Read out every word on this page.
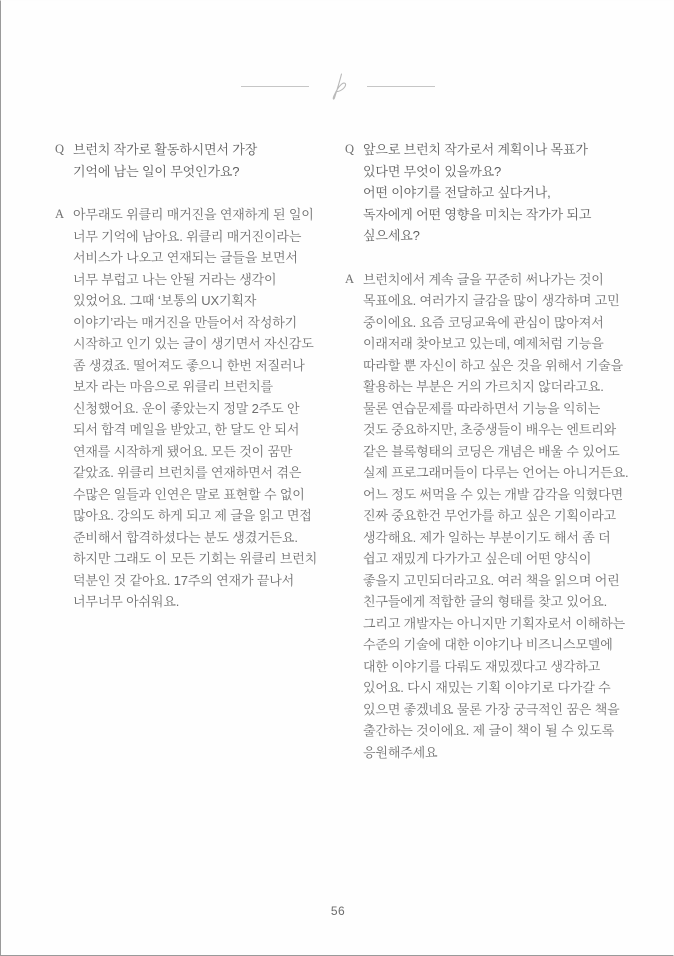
Q 브런치 작가로 활동하시면서 가장
기억에 남는 일이 무엇인가요?
A 아무래도 위클리 매거진을 연재하게 된 일이
너무 기억에 남아요. 위클리 매거진이라는
서비스가 나오고 연재되는 글들을 보면서
너무 부럽고 나는 안될 거라는 생각이
있었어요. 그때 ‘보통의 UX기획자
이야기’라는 매거진을 만들어서 작성하기
시작하고 인기 있는 글이 생기면서 자신감도
좀 생겼죠. 떨어져도 좋으니 한번 저질러나
보자 라는 마음으로 위클리 브런치를
신청했어요. 운이 좋았는지 정말 2주도 안
되서 합격 메일을 받았고, 한 달도 안 되서
연재를 시작하게 됐어요. 모든 것이 꿈만
같았죠. 위클리 브런치를 연재하면서 겪은
수많은 일들과 인연은 말로 표현할 수 없이
많아요. 강의도 하게 되고 제 글을 읽고 면접
준비해서 합격하셨다는 분도 생겼거든요.
하지만 그래도 이 모든 기회는 위클리 브런치
덕분인 것 같아요. 17주의 연재가 끝나서
너무너무 아쉬워요.
Q 앞으로 브런치 작가로서 계획이나 목표가
있다면 무엇이 있을까요?
어떤 이야기를 전달하고 싶다거나,
독자에게 어떤 영향을 미치는 작가가 되고
싶으세요?
A 브런치에서 계속 글을 꾸준히 써나가는 것이
목표에요. 여러가지 글감을 많이 생각하며 고민
중이에요. 요즘 코딩교육에 관심이 많아져서
이래저래 찾아보고 있는데, 예제처럼 기능을
따라할 뿐 자신이 하고 싶은 것을 위해서 기술을
활용하는 부분은 거의 가르치지 않더라고요.
물론 연습문제를 따라하면서 기능을 익히는
것도 중요하지만, 초중생들이 배우는 엔트리와
같은 블록형태의 코딩은 개념은 배울 수 있어도
실제 프로그래머들이 다루는 언어는 아니거든요.
어느 정도 써먹을 수 있는 개발 감각을 익혔다면
진짜 중요한건 무언가를 하고 싶은 기획이라고
생각해요. 제가 일하는 부분이기도 해서 좀 더
쉽고 재밌게 다가가고 싶은데 어떤 양식이
좋을지 고민되더라고요. 여러 책을 읽으며 어린
친구들에게 적합한 글의 형태를 찾고 있어요.
그리고 개발자는 아니지만 기획자로서 이해하는
수준의 기술에 대한 이야기나 비즈니스모델에
대한 이야기를 다뤄도 재밌겠다고 생각하고
있어요. 다시 재밌는 기획 이야기로 다가갈 수
있으면 좋겠네요 물론 가장 궁극적인 꿈은 책을
출간하는 것이에요. 제 글이 책이 될 수 있도록
응원해주세요
56
